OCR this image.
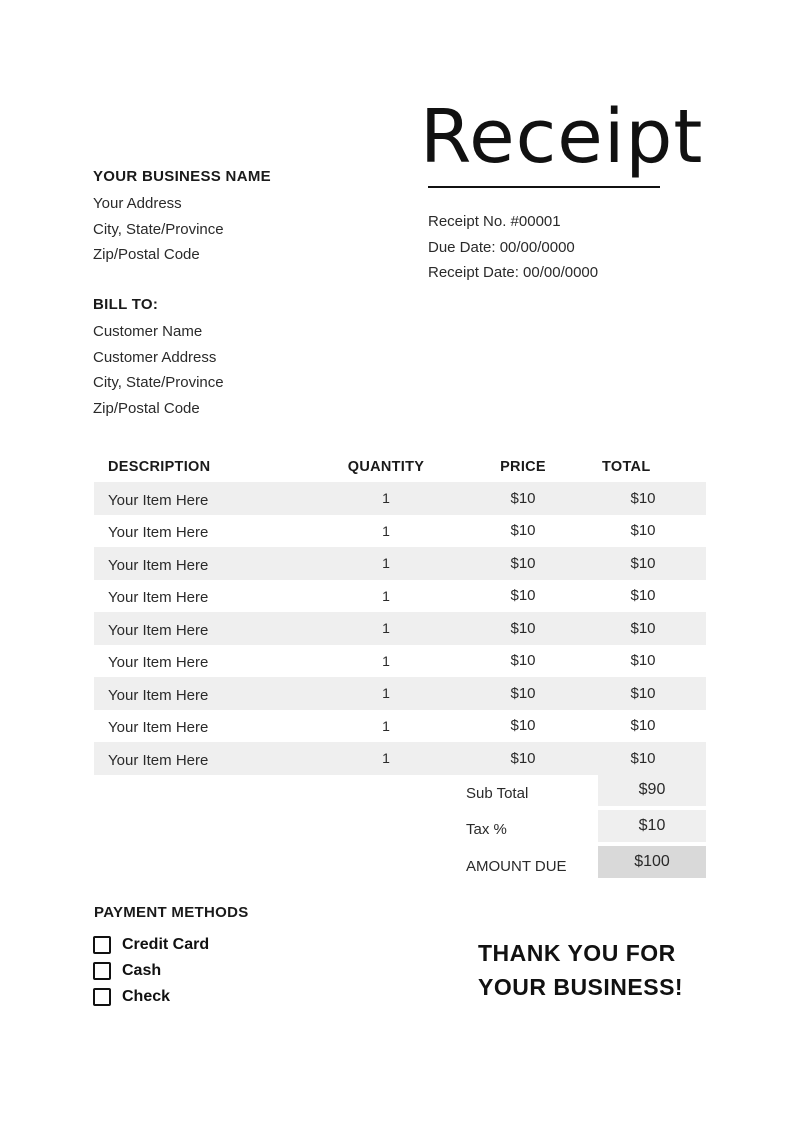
Receipt
YOUR BUSINESS NAME
Your Address
City, State/Province
Zip/Postal Code
Receipt No. #00001
Due Date: 00/00/0000
Receipt Date: 00/00/0000
BILL TO:
Customer Name
Customer Address
City, State/Province
Zip/Postal Code
DESCRIPTION	QUANTITY	PRICE	TOTAL
Your Item Here	1	$10	$10
Your Item Here	1	$10	$10
Your Item Here	1	$10	$10
Your Item Here	1	$10	$10
Your Item Here	1	$10	$10
Your Item Here	1	$10	$10
Your Item Here	1	$10	$10
Your Item Here	1	$10	$10
Your Item Here	1	$10	$10
Sub Total	$90
Tax %	$10
AMOUNT DUE	$100
PAYMENT METHODS
Credit Card
Cash
Check
THANK YOU FOR
YOUR BUSINESS!
